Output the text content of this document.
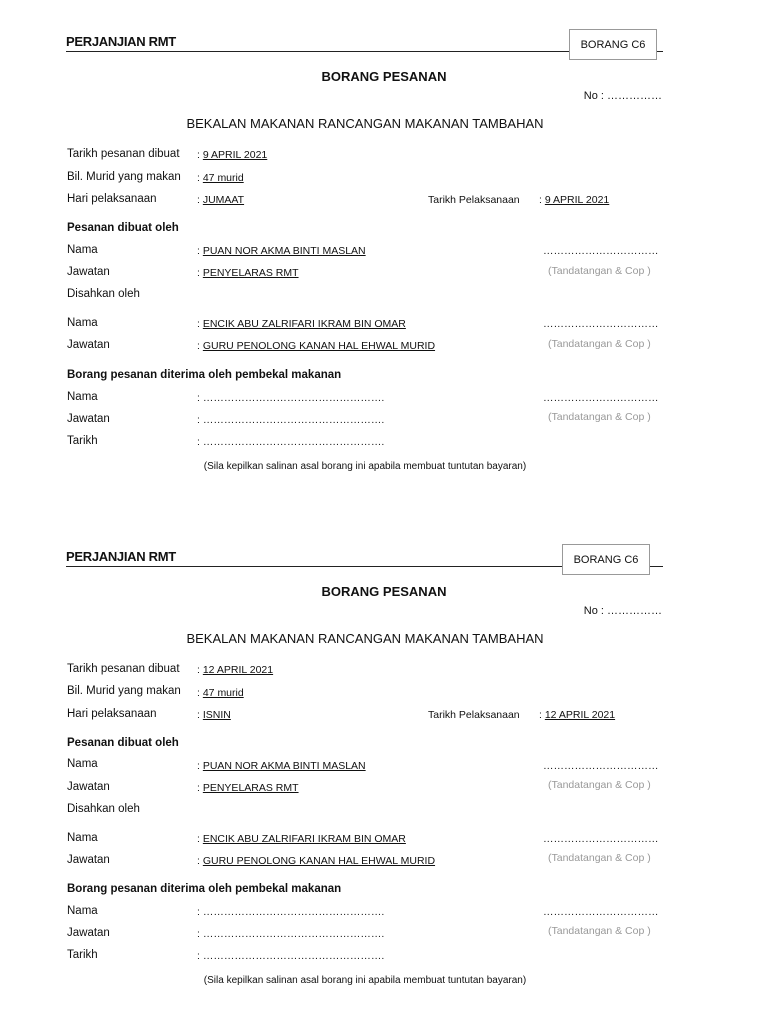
PERJANJIAN RMT	BORANG C6
BORANG PESANAN
No : ……………
BEKALAN MAKANAN RANCANGAN MAKANAN TAMBAHAN
Tarikh pesanan dibuat : 9 APRIL 2021
Bil. Murid yang makan : 47 murid
Hari pelaksanaan	: JUMAAT	Tarikh Pelaksanaan : 9 APRIL 2021
Pesanan dibuat oleh
Nama	: PUAN NOR AKMA BINTI MASLAN	……………………………
Jawatan	: PENYELARAS RMT	(Tandatangan & Cop )
Disahkan oleh
Nama	: ENCIK ABU ZALRIFARI IKRAM BIN OMAR	……………………………
Jawatan	: GURU PENOLONG KANAN HAL EHWAL MURID	(Tandatangan & Cop )
Borang pesanan diterima oleh pembekal makanan
Nama	: …………………………………………….	……………………………
Jawatan	: …………………………………………….	(Tandatangan & Cop )
Tarikh	: …………………………………………….
(Sila kepilkan salinan asal borang ini apabila membuat tuntutan bayaran)
PERJANJIAN RMT	BORANG C6
BORANG PESANAN
No : ……………
BEKALAN MAKANAN RANCANGAN MAKANAN TAMBAHAN
Tarikh pesanan dibuat : 12 APRIL 2021
Bil. Murid yang makan : 47 murid
Hari pelaksanaan	: ISNIN	Tarikh Pelaksanaan : 12 APRIL 2021
Pesanan dibuat oleh
Nama	: PUAN NOR AKMA BINTI MASLAN	……………………………
Jawatan	: PENYELARAS RMT	(Tandatangan & Cop )
Disahkan oleh
Nama	: ENCIK ABU ZALRIFARI IKRAM BIN OMAR	……………………………
Jawatan	: GURU PENOLONG KANAN HAL EHWAL MURID	(Tandatangan & Cop )
Borang pesanan diterima oleh pembekal makanan
Nama	: …………………………………………….	……………………………
Jawatan	: …………………………………………….	(Tandatangan & Cop )
Tarikh	: …………………………………………….
(Sila kepilkan salinan asal borang ini apabila membuat tuntutan bayaran)
